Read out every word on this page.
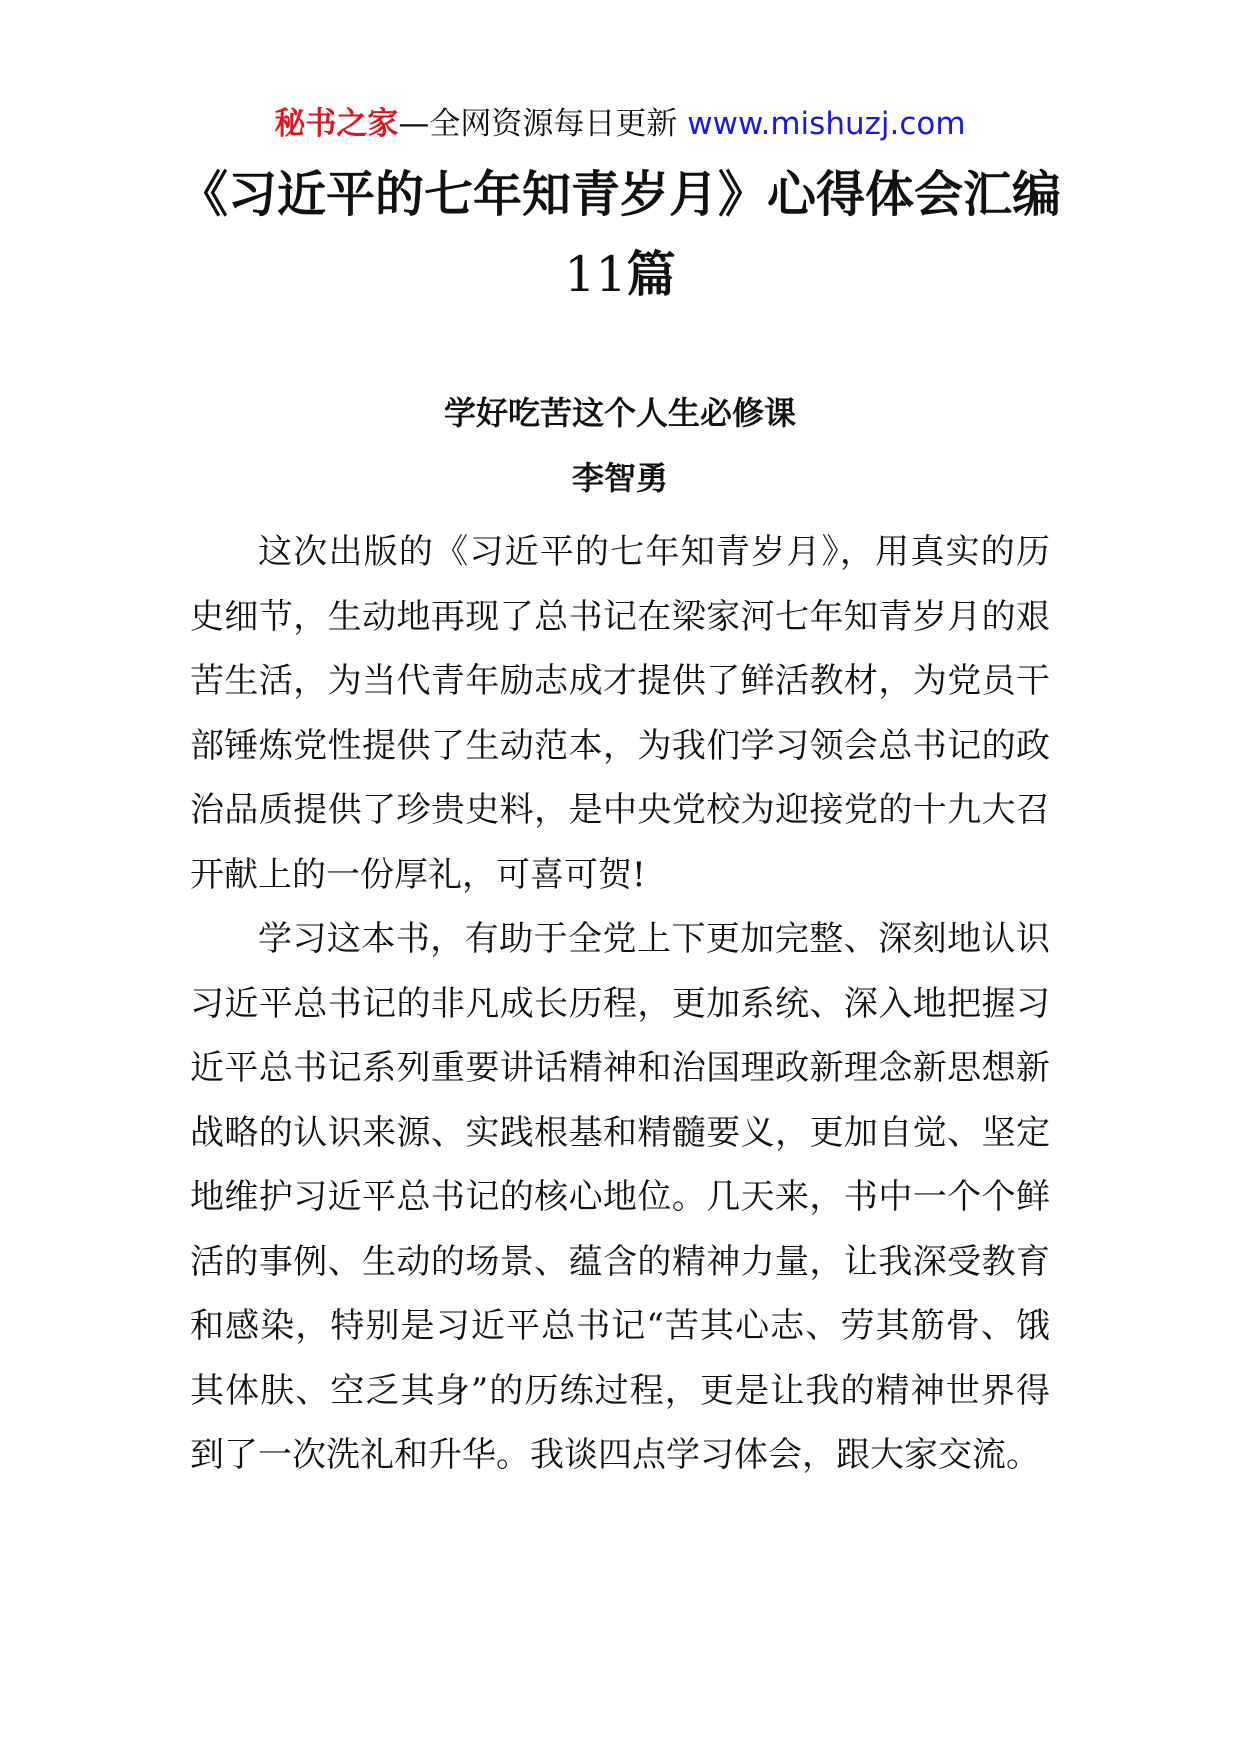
秘书之家—全网资源每日更新 www.mishuzj.com
《习近平的七年知青岁月》心得体会汇编
11篇
学好吃苦这个人生必修课
李智勇

这次出版的《习近平的七年知青岁月》，用真实的历史细节，生动地再现了总书记在梁家河七年知青岁月的艰苦生活，为当代青年励志成才提供了鲜活教材，为党员干部锤炼党性提供了生动范本，为我们学习领会总书记的政治品质提供了珍贵史料，是中央党校为迎接党的十九大召开献上的一份厚礼，可喜可贺!

学习这本书，有助于全党上下更加完整、深刻地认识习近平总书记的非凡成长历程，更加系统、深入地把握习近平总书记系列重要讲话精神和治国理政新理念新思想新战略的认识来源、实践根基和精髓要义，更加自觉、坚定地维护习近平总书记的核心地位。几天来，书中一个个鲜活的事例、生动的场景、蕴含的精神力量，让我深受教育和感染，特别是习近平总书记“苦其心志、劳其筋骨、饿其体肤、空乏其身”的历练过程，更是让我的精神世界得到了一次洗礼和升华。我谈四点学习体会，跟大家交流。
